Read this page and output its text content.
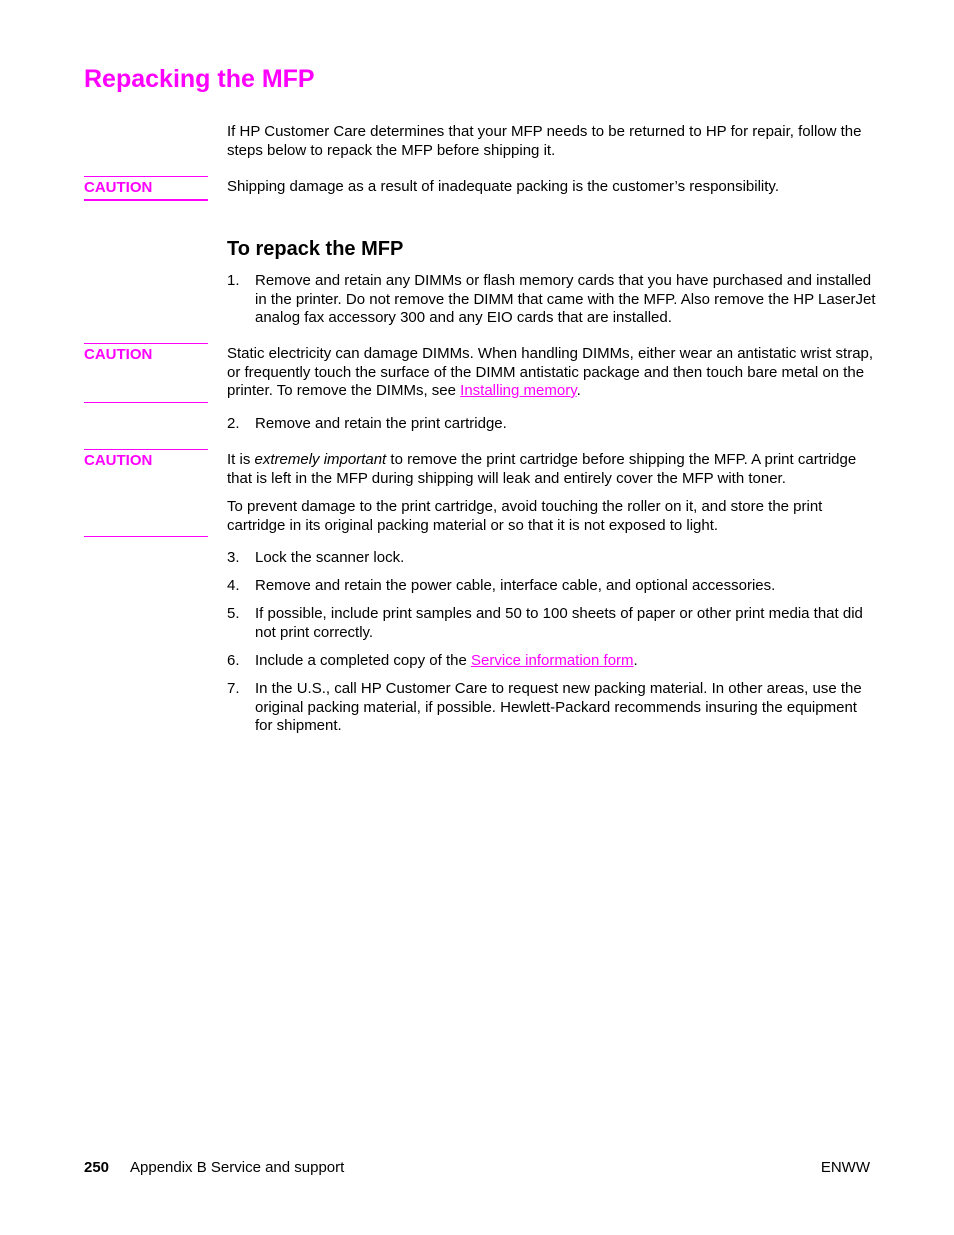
Repacking the MFP

If HP Customer Care determines that your MFP needs to be returned to HP for repair, follow the steps below to repack the MFP before shipping it.

CAUTION	Shipping damage as a result of inadequate packing is the customer’s responsibility.

To repack the MFP
1. Remove and retain any DIMMs or flash memory cards that you have purchased and installed in the printer. Do not remove the DIMM that came with the MFP. Also remove the HP LaserJet analog fax accessory 300 and any EIO cards that are installed.
CAUTION	Static electricity can damage DIMMs. When handling DIMMs, either wear an antistatic wrist strap, or frequently touch the surface of the DIMM antistatic package and then touch bare metal on the printer. To remove the DIMMs, see Installing memory.

2. Remove and retain the print cartridge.
CAUTION	It is extremely important to remove the print cartridge before shipping the MFP. A print cartridge that is left in the MFP during shipping will leak and entirely cover the MFP with toner.

To prevent damage to the print cartridge, avoid touching the roller on it, and store the print cartridge in its original packing material or so that it is not exposed to light.

3. Lock the scanner lock.
4. Remove and retain the power cable, interface cable, and optional accessories.
5. If possible, include print samples and 50 to 100 sheets of paper or other print media that did not print correctly.
6. Include a completed copy of the Service information form.
7. In the U.S., call HP Customer Care to request new packing material. In other areas, use the original packing material, if possible. Hewlett-Packard recommends insuring the equipment for shipment.
250 Appendix B Service and support	ENWW
